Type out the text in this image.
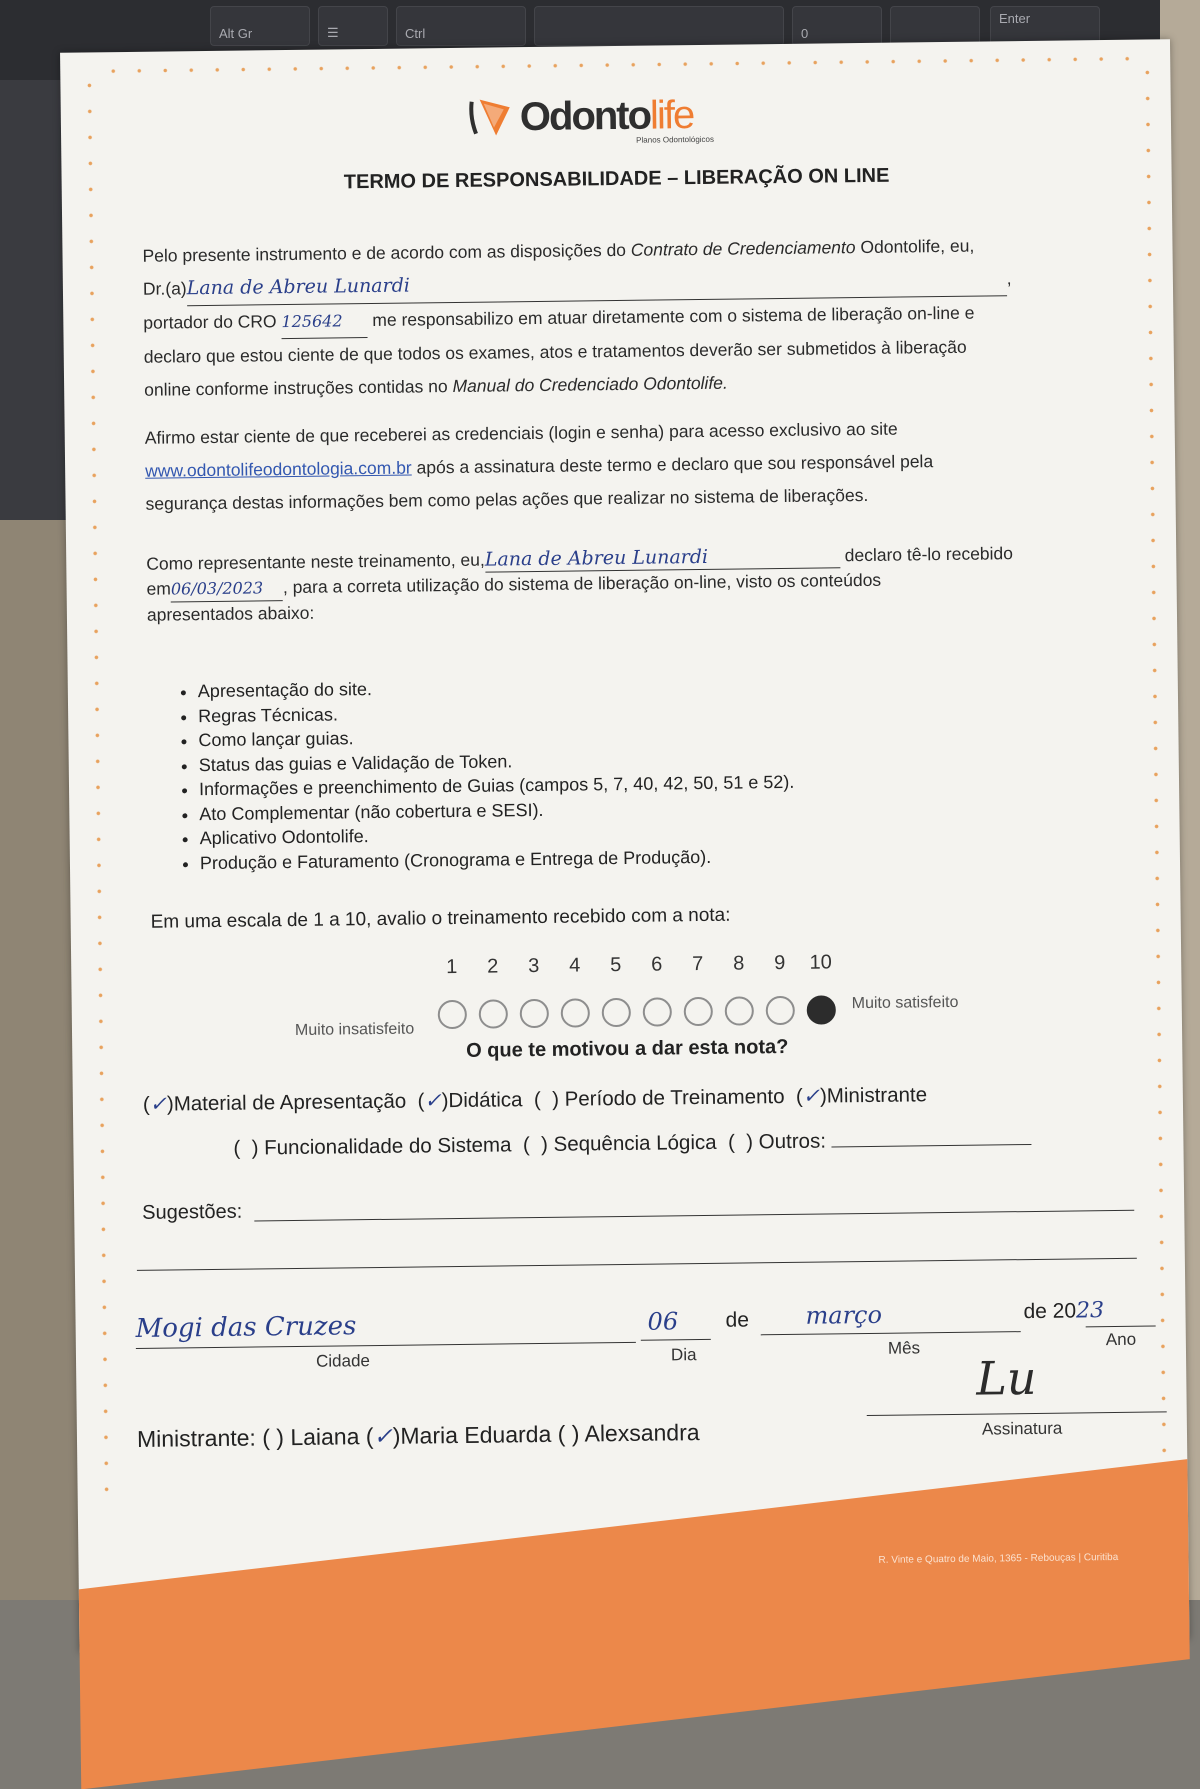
Alt Gr	☰	Ctrl	0
Enter
Odontolife
Planos Odontológicos
TERMO DE RESPONSABILIDADE – LIBERAÇÃO ON LINE
Pelo presente instrumento e de acordo com as disposições do Contrato de Credenciamento Odontolife, eu,
Dr.(a)Lana de Abreu Lunardi	,
portador do CRO 125642 me responsabilizo em atuar diretamente com o sistema de liberação on-line e
declaro que estou ciente de que todos os exames, atos e tratamentos deverão ser submetidos à liberação
online conforme instruções contidas no Manual do Credenciado Odontolife.
Afirmo estar ciente de que receberei as credenciais (login e senha) para acesso exclusivo ao site
www.odontolifeodontologia.com.br após a assinatura deste termo e declaro que sou responsável pela
segurança destas informações bem como pelas ações que realizar no sistema de liberações.
Como representante neste treinamento, eu,Lana de Abreu Lunardi	declaro tê-lo recebido
em06/03/2023 , para a correta utilização do sistema de liberação on-line, visto os conteúdos
apresentados abaixo:
• Apresentação do site.
• Regras Técnicas.
• Como lançar guias.
• Status das guias e Validação de Token.
• Informações e preenchimento de Guias (campos 5, 7, 40, 42, 50, 51 e 52).
• Ato Complementar (não cobertura e SESI).
• Aplicativo Odontolife.
• Produção e Faturamento (Cronograma e Entrega de Produção).
Em uma escala de 1 a 10, avalio o treinamento recebido com a nota:
1	2	3	4	5	6	7	8	9	10
Muito insatisfeito
Muito satisfeito
O que te motivou a dar esta nota?
(✓)Material de Apresentação  (✓)Didática  (  ) Período de Treinamento  (✓)Ministrante
(  ) Funcionalidade do Sistema  (  ) Sequência Lógica  (  ) Outros:
Sugestões:
Mogi das Cruzes
Cidade
06
Dia
de março
Mês
de 2023
Ano
Lu
Assinatura
Ministrante: ( ) Laiana (✓)Maria Eduarda ( ) Alexsandra
R. Vinte e Quatro de Maio, 1365 - Rebouças | Curitiba
